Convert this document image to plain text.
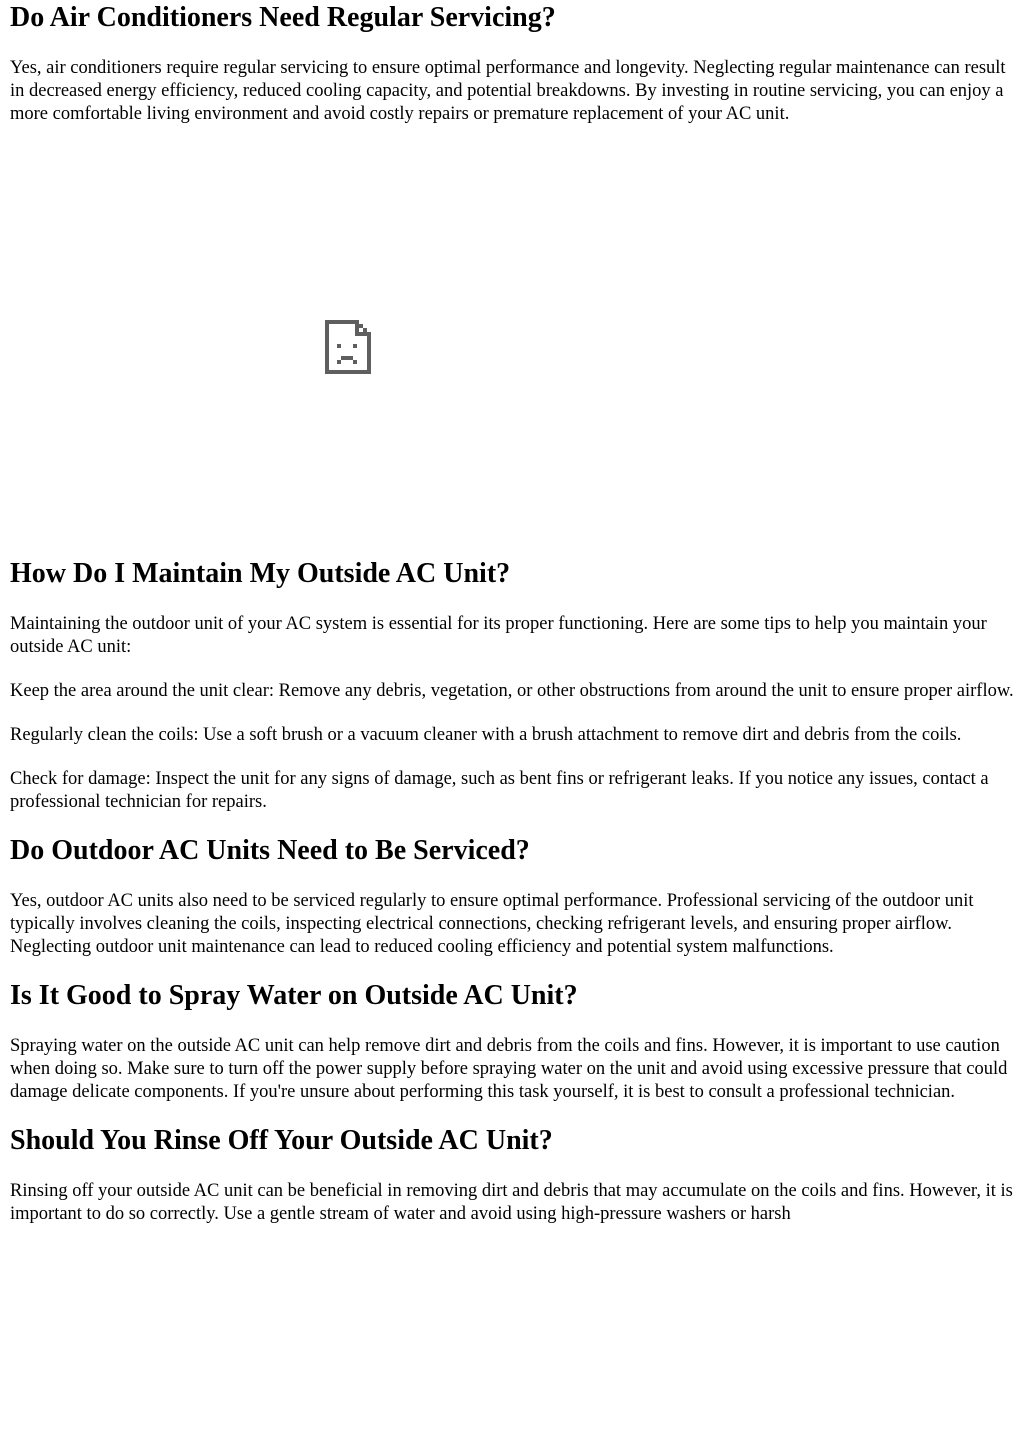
Do Air Conditioners Need Regular Servicing?

Yes, air conditioners require regular servicing to ensure optimal performance and longevity. Neglecting regular maintenance can result in decreased energy efficiency, reduced cooling capacity, and potential breakdowns. By investing in routine servicing, you can enjoy a more comfortable living environment and avoid costly repairs or premature replacement of your AC unit.

How Do I Maintain My Outside AC Unit?

Maintaining the outdoor unit of your AC system is essential for its proper functioning. Here are some tips to help you maintain your outside AC unit:

Keep the area around the unit clear: Remove any debris, vegetation, or other obstructions from around the unit to ensure proper airflow.

Regularly clean the coils: Use a soft brush or a vacuum cleaner with a brush attachment to remove dirt and debris from the coils.

Check for damage: Inspect the unit for any signs of damage, such as bent fins or refrigerant leaks. If you notice any issues, contact a professional technician for repairs.

Do Outdoor AC Units Need to Be Serviced?

Yes, outdoor AC units also need to be serviced regularly to ensure optimal performance. Professional servicing of the outdoor unit typically involves cleaning the coils, inspecting electrical connections, checking refrigerant levels, and ensuring proper airflow. Neglecting outdoor unit maintenance can lead to reduced cooling efficiency and potential system malfunctions.

Is It Good to Spray Water on Outside AC Unit?

Spraying water on the outside AC unit can help remove dirt and debris from the coils and fins. However, it is important to use caution when doing so. Make sure to turn off the power supply before spraying water on the unit and avoid using excessive pressure that could damage delicate components. If you're unsure about performing this task yourself, it is best to consult a professional technician.

Should You Rinse Off Your Outside AC Unit?

Rinsing off your outside AC unit can be beneficial in removing dirt and debris that may accumulate on the coils and fins. However, it is important to do so correctly. Use a gentle stream of water and avoid using high-pressure washers or harsh
